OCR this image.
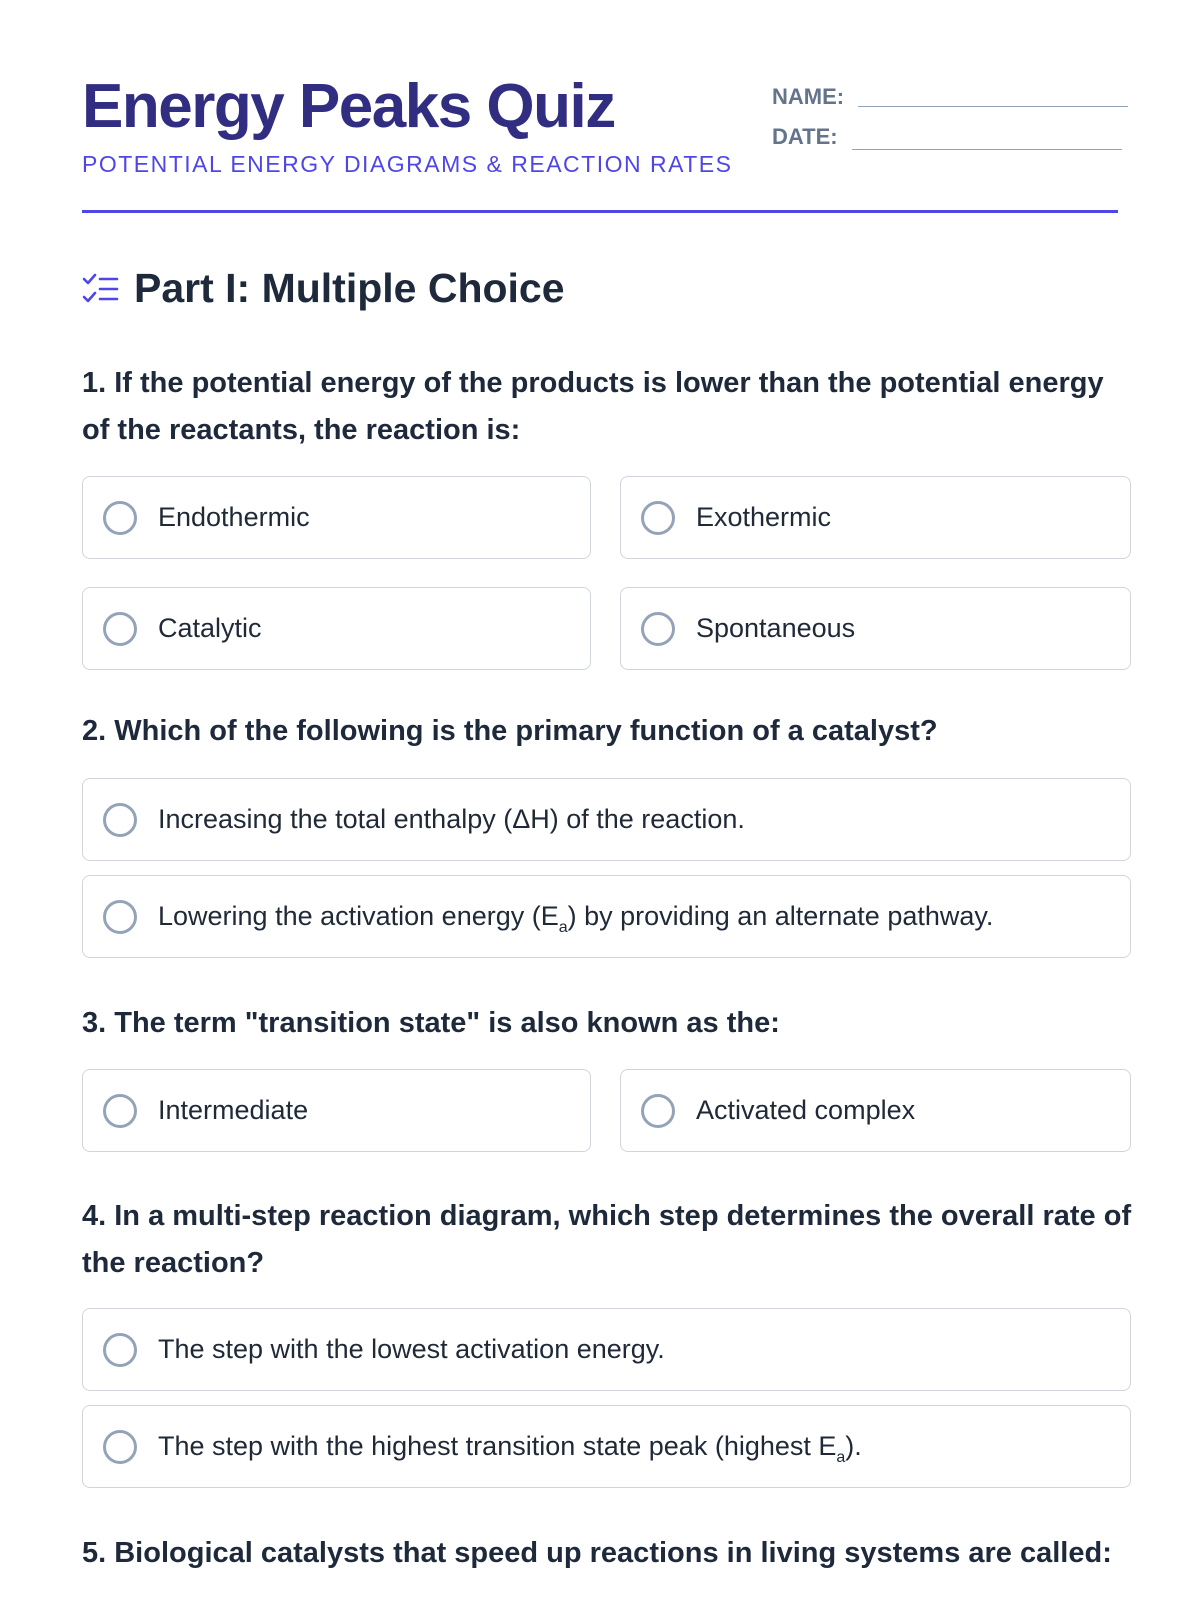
Energy Peaks Quiz
POTENTIAL ENERGY DIAGRAMS & REACTION RATES
NAME:
DATE:
Part I: Multiple Choice
1. If the potential energy of the products is lower than the potential energy of the reactants, the reaction is:
Endothermic	Exothermic
Catalytic	Spontaneous
2. Which of the following is the primary function of a catalyst?
Increasing the total enthalpy (ΔH) of the reaction.
Lowering the activation energy $(E_a)$ by providing an alternate pathway.
3. The term "transition state" is also known as the:
Intermediate	Activated complex
4. In a multi-step reaction diagram, which step determines the overall rate of the reaction?
The step with the lowest activation energy.
The step with the highest transition state peak (highest $E_a$).
5. Biological catalysts that speed up reactions in living systems are called:
